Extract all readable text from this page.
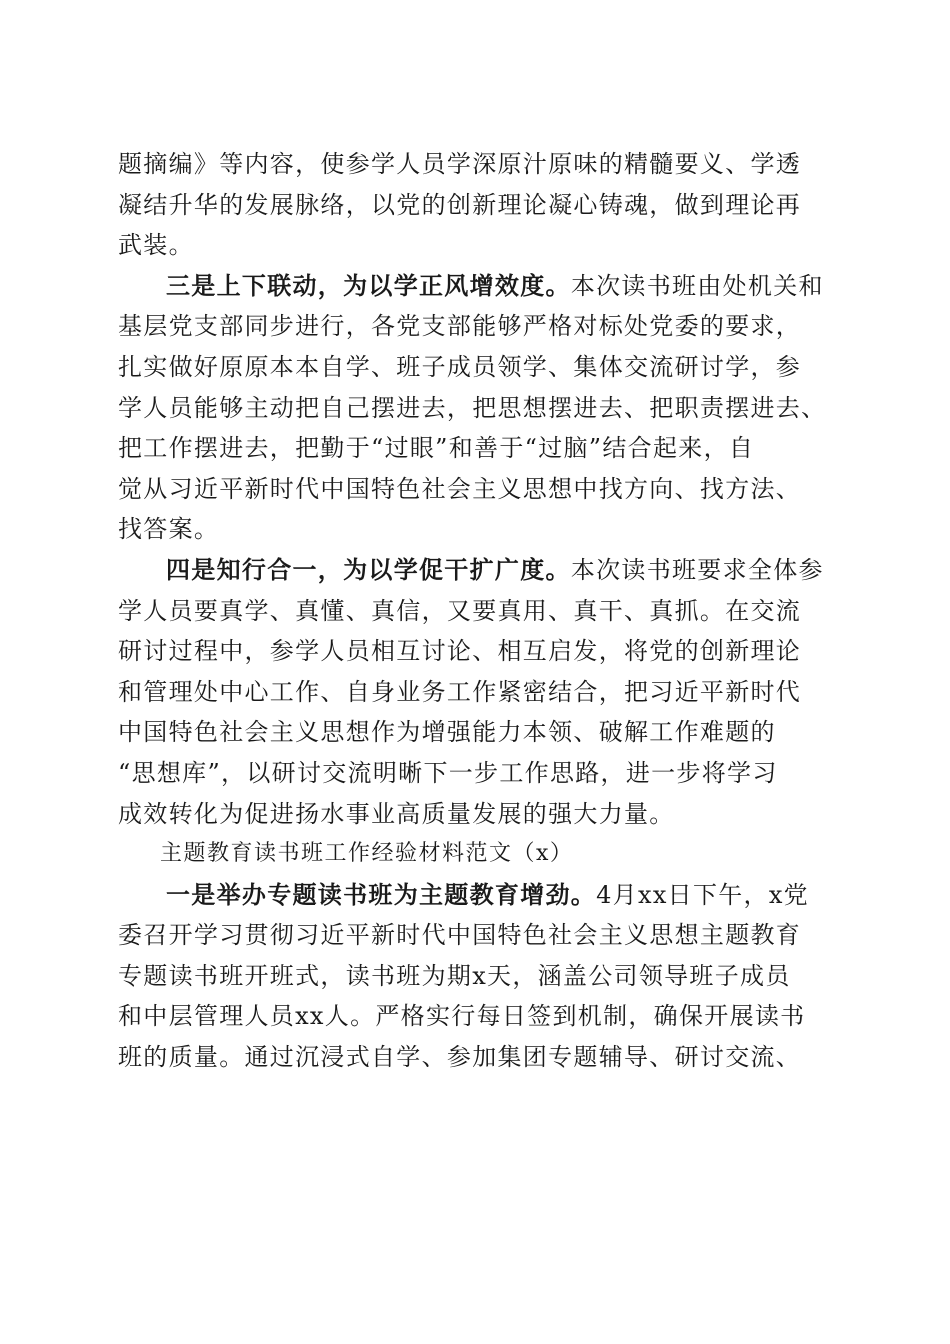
题摘编》等内容，使参学人员学深原汁原味的精髓要义、学透
凝结升华的发展脉络，以党的创新理论凝心铸魂，做到理论再
武装。
三是上下联动，为以学正风增效度。本次读书班由处机关和
基层党支部同步进行，各党支部能够严格对标处党委的要求，
扎实做好原原本本自学、班子成员领学、集体交流研讨学，参
学人员能够主动把自己摆进去，把思想摆进去、把职责摆进去、
把工作摆进去，把勤于“过眼”和善于“过脑”结合起来，自
觉从习近平新时代中国特色社会主义思想中找方向、找方法、
找答案。
四是知行合一，为以学促干扩广度。本次读书班要求全体参
学人员要真学、真懂、真信，又要真用、真干、真抓。在交流
研讨过程中，参学人员相互讨论、相互启发，将党的创新理论
和管理处中心工作、自身业务工作紧密结合，把习近平新时代
中国特色社会主义思想作为增强能力本领、破解工作难题的
“思想库”，以研讨交流明晰下一步工作思路，进一步将学习
成效转化为促进扬水事业高质量发展的强大力量。
主题教育读书班工作经验材料范文（x）
一是举办专题读书班为主题教育增劲。4月xx日下午，x党
委召开学习贯彻习近平新时代中国特色社会主义思想主题教育
专题读书班开班式，读书班为期x天，涵盖公司领导班子成员
和中层管理人员xx人。严格实行每日签到机制，确保开展读书
班的质量。通过沉浸式自学、参加集团专题辅导、研讨交流、
